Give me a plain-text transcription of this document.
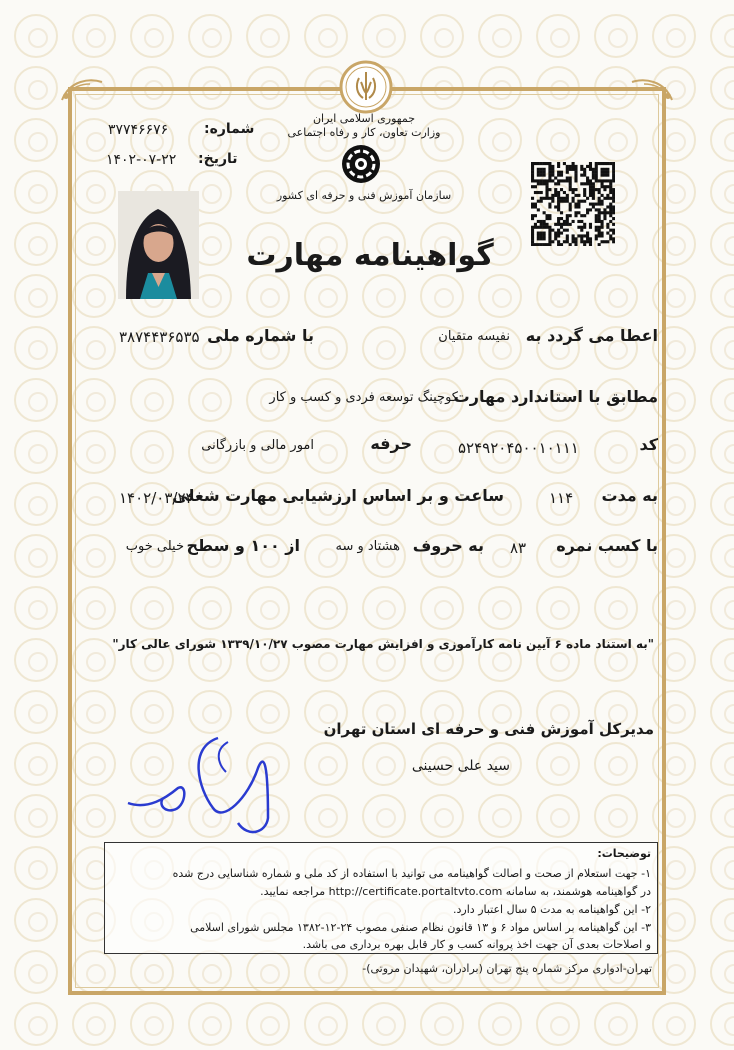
جمهوری اسلامی ایران
وزارت تعاون، کار و رفاه اجتماعی
سازمان آموزش فنی و حرفه ای کشور
شماره:
۳۷۷۴۶۶۷۶
تاریخ:
۱۴۰۲-۰۷-۲۲
گواهینامه مهارت
اعطا می گردد به
نفیسه متقیان
با شماره ملی
۳۸۷۴۴۳۶۵۳۵
مطابق با استاندارد مهارت
کوچینگ توسعه فردی و کسب و کار
کد
۵۲۴۹۲۰۴۵۰۰۱۰۱۱۱
حرفه
امور مالی و بازرگانی
به مدت
۱۱۴
ساعت و بر اساس ارزشیابی مهارت شغلی
۱۴۰۲/۰۳/۲۴
با کسب نمره
۸۳
به حروف
هشتاد و سه
از ۱۰۰ و سطح
خیلی خوب
"به استناد ماده ۶ آیین نامه کارآموزی و افزایش مهارت مصوب ۱۳۳۹/۱۰/۲۷ شورای عالی کار"
مدیرکل آموزش فنی و حرفه ای استان تهران
سید علی حسینی
توضیحات:
۱- جهت استعلام از صحت و اصالت گواهینامه می توانید با استفاده از کد ملی و شماره شناسایی درج شده
در گواهینامه هوشمند، به سامانه http://certificate.portaltvto.com مراجعه نمایید.
۲- این گواهینامه به مدت ۵ سال اعتبار دارد.
۳- این گواهینامه بر اساس مواد ۶ و ۱۳ قانون نظام صنفی مصوب ۲۴-۱۲-۱۳۸۲ مجلس شورای اسلامی
و اصلاحات بعدی آن جهت اخذ پروانه کسب و کار قابل بهره برداری می باشد.
تهران-ادواری مرکز شماره پنج تهران (برادران، شهیدان مروتی)-
